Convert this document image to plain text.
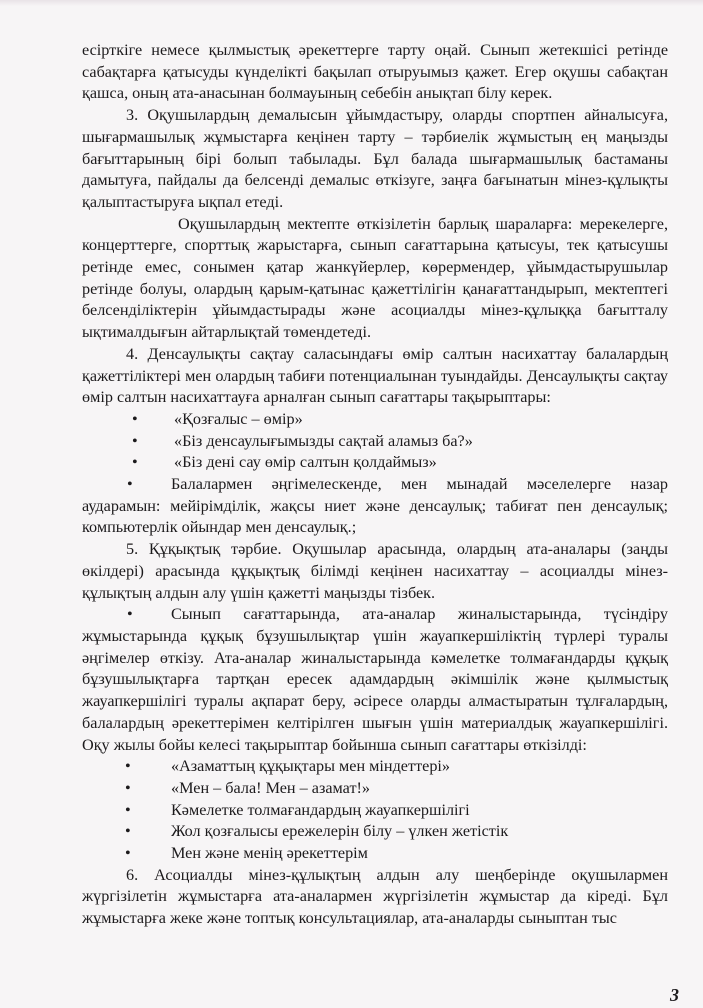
есірткіге немесе қылмыстық әрекеттерге тарту оңай. Сынып жетекшісі ретінде сабақтарға қатысуды күнделікті бақылап отыруымыз қажет. Егер оқушы сабақтан қашса, оның ата-анасынан болмауының себебін анықтап білу керек.

3. Оқушылардың демалысын ұйымдастыру, оларды спортпен айналысуға, шығармашылық жұмыстарға кеңінен тарту – тәрбиелік жұмыстың ең маңызды бағыттарының бірі болып табылады. Бұл балада шығармашылық бастаманы дамытуға, пайдалы да белсенді демалыс өткізуге, заңға бағынатын мінез-құлықты қалыптастыруға ықпал етеді.

Оқушылардың мектепте өткізілетін барлық шараларға: мерекелерге, концерттерге, спорттық жарыстарға, сынып сағаттарына қатысуы, тек қатысушы ретінде емес, сонымен қатар жанкүйерлер, көрермендер, ұйымдастырушылар ретінде болуы, олардың қарым-қатынас қажеттілігін қанағаттандырып, мектептегі белсенділіктерін ұйымдастырады және асоциалды мінез-құлыққа бағытталу ықтималдығын айтарлықтай төмендетеді.

4. Денсаулықты сақтау саласындағы өмір салтын насихаттау балалардың қажеттіліктері мен олардың табиғи потенциалынан туындайды. Денсаулықты сақтау өмір салтын насихаттауға арналған сынып сағаттары тақырыптары:

•	«Қозғалыс – өмір»
•	«Біз денсаулығымызды сақтай аламыз ба?»
•	«Біз дені сау өмір салтын қолдаймыз»

• Балалармен әңгімелескенде, мен мынадай мәселелерге назар аударамын: мейірімділік, жақсы ниет және денсаулық; табиғат пен денсаулық; компьютерлік ойындар мен денсаулық.;

5. Құқықтық тәрбие. Оқушылар арасында, олардың ата-аналары (заңды өкілдері) арасында құқықтық білімді кеңінен насихаттау – асоциалды мінез-құлықтың алдын алу үшін қажетті маңызды тізбек.

• Сынып сағаттарында, ата-аналар жиналыстарында, түсіндіру жұмыстарында құқық бұзушылықтар үшін жауапкершіліктің түрлері туралы әңгімелер өткізу. Ата-аналар жиналыстарында кәмелетке толмағандарды құқық бұзушылықтарға тартқан ересек адамдардың әкімшілік және қылмыстық жауапкершілігі туралы ақпарат беру, әсіресе оларды алмастыратын тұлғалардың, балалардың әрекеттерімен келтірілген шығын үшін материалдық жауапкершілігі. Оқу жылы бойы келесі тақырыптар бойынша сынып сағаттары өткізілді:

•	«Азаматтың құқықтары мен міндеттері»
•	«Мен – бала! Мен – азамат!»
•	Кәмелетке толмағандардың жауапкершілігі
•	Жол қозғалысы ережелерін білу – үлкен жетістік
•	Мен және менің әрекеттерім

6. Асоциалды мінез-құлықтың алдын алу шеңберінде оқушылармен жүргізілетін жұмыстарға ата-аналармен жүргізілетін жұмыстар да кіреді. Бұл жұмыстарға жеке және топтық консультациялар, ата-аналарды сыныптан тыс

3
